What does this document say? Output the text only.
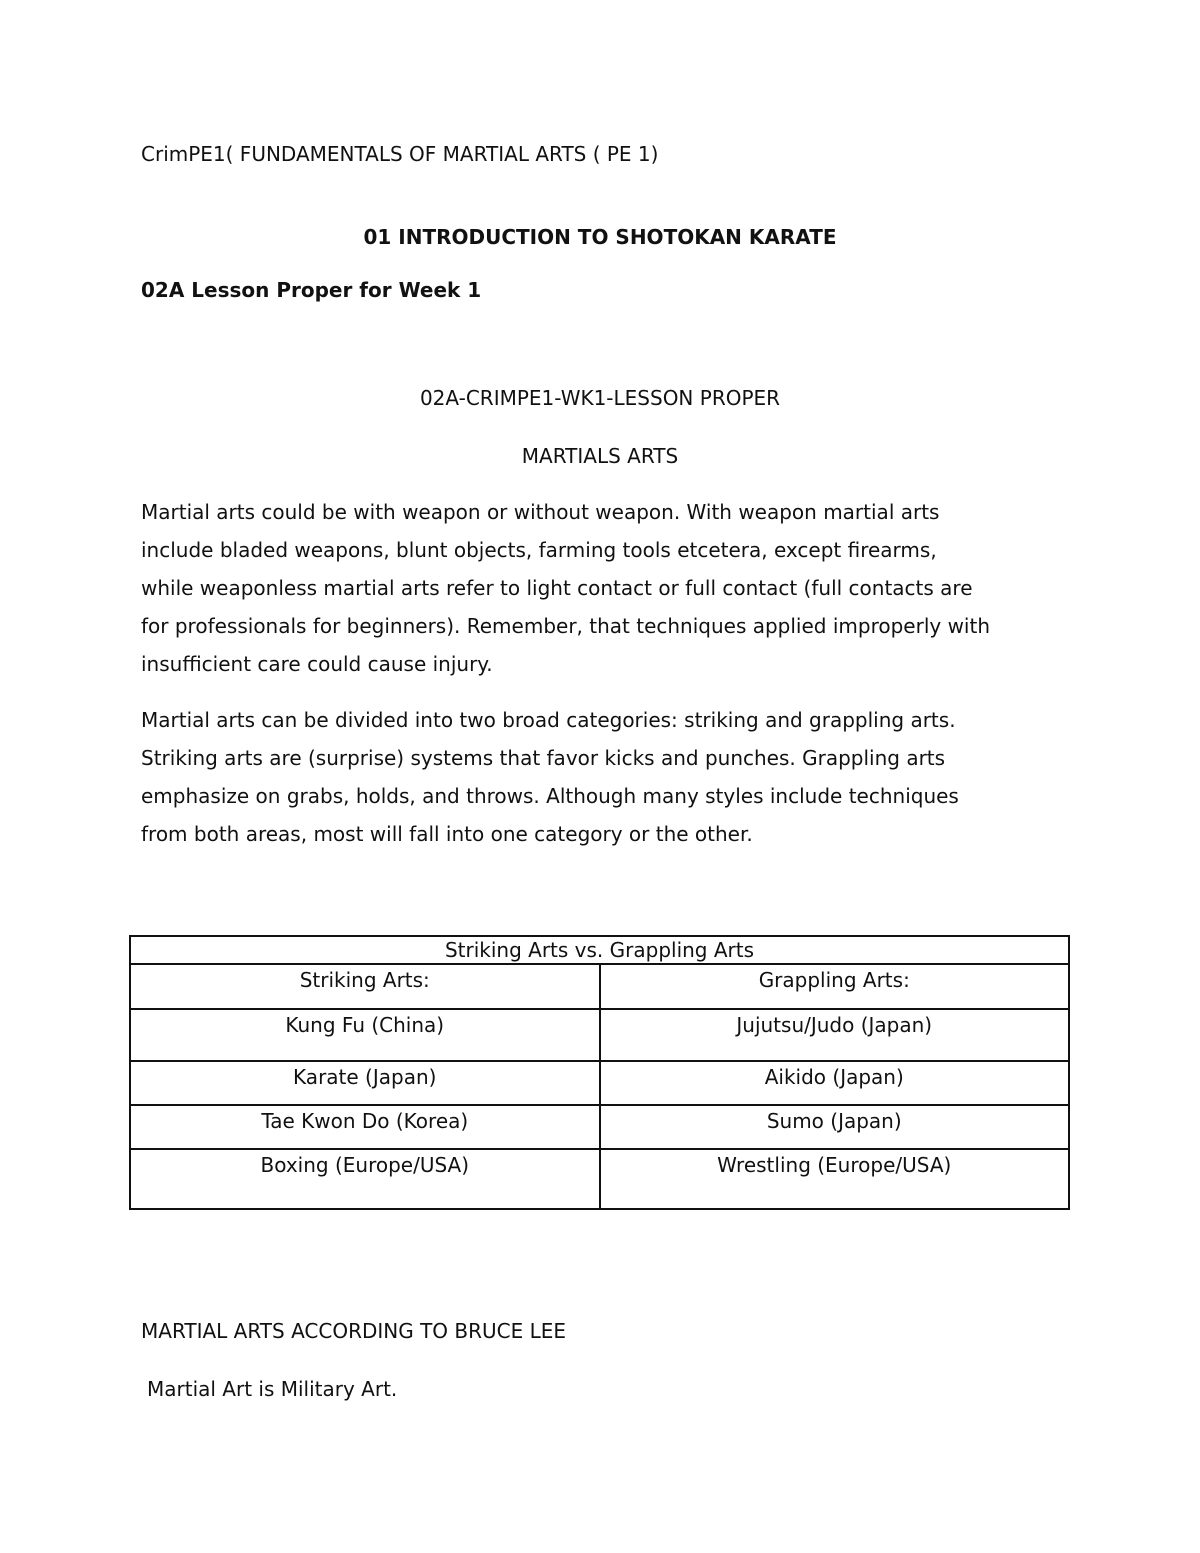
CrimPE1( FUNDAMENTALS OF MARTIAL ARTS ( PE 1)
01 INTRODUCTION TO SHOTOKAN KARATE
02A Lesson Proper for Week 1
02A-CRIMPE1-WK1-LESSON PROPER
MARTIALS ARTS
Martial arts could be with weapon or without weapon. With weapon martial arts
include bladed weapons, blunt objects, farming tools etcetera, except firearms,
while weaponless martial arts refer to light contact or full contact (full contacts are
for professionals for beginners). Remember, that techniques applied improperly with
insufficient care could cause injury.
Martial arts can be divided into two broad categories: striking and grappling arts.
Striking arts are (surprise) systems that favor kicks and punches. Grappling arts
emphasize on grabs, holds, and throws. Although many styles include techniques
from both areas, most will fall into one category or the other.
Striking Arts vs. Grappling Arts	
Striking Arts:	Grappling Arts:
Kung Fu (China)	Jujutsu/Judo (Japan)
Karate (Japan)	Aikido (Japan)
Tae Kwon Do (Korea)	Sumo (Japan)
Boxing (Europe/USA)	Wrestling (Europe/USA)
MARTIAL ARTS ACCORDING TO BRUCE LEE
Martial Art is Military Art.
